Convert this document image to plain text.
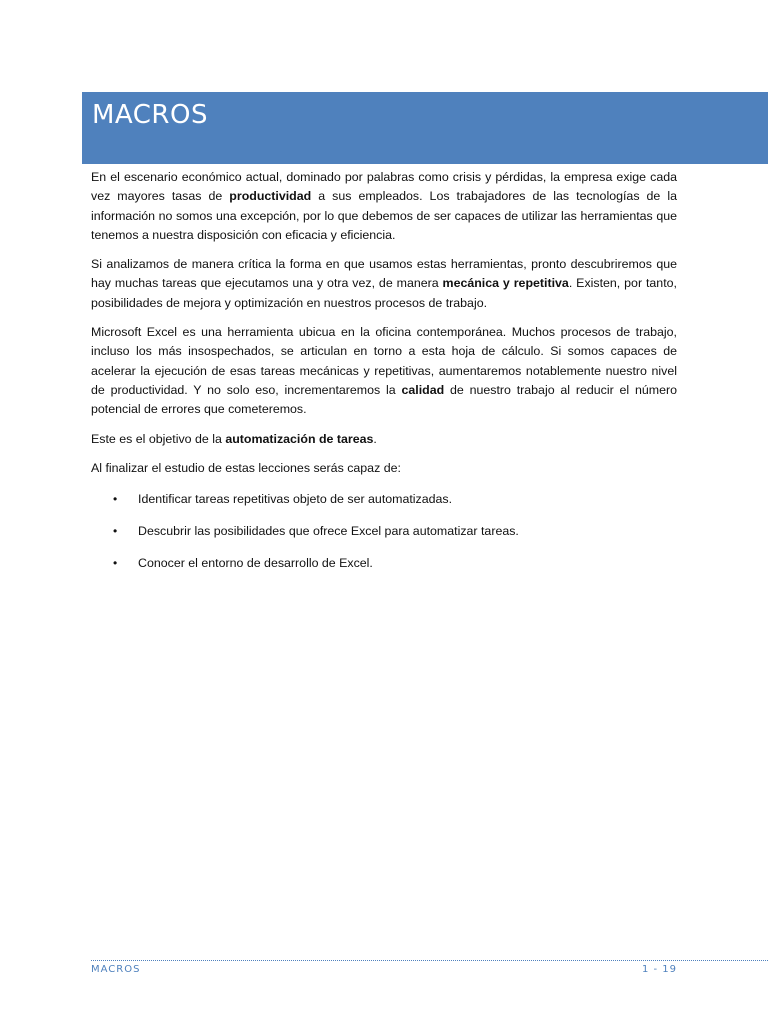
MACROS

En el escenario económico actual, dominado por palabras como crisis y pérdidas, la empresa exige cada vez mayores tasas de productividad a sus empleados. Los trabajadores de las tecnologías de la información no somos una excepción, por lo que debemos de ser capaces de utilizar las herramientas que tenemos a nuestra disposición con eficacia y eficiencia.

Si analizamos de manera crítica la forma en que usamos estas herramientas, pronto descubriremos que hay muchas tareas que ejecutamos una y otra vez, de manera mecánica y repetitiva. Existen, por tanto, posibilidades de mejora y optimización en nuestros procesos de trabajo.

Microsoft Excel es una herramienta ubicua en la oficina contemporánea. Muchos procesos de trabajo, incluso los más insospechados, se articulan en torno a esta hoja de cálculo. Si somos capaces de acelerar la ejecución de esas tareas mecánicas y repetitivas, aumentaremos notablemente nuestro nivel de productividad. Y no solo eso, incrementaremos la calidad de nuestro trabajo al reducir el número potencial de errores que cometeremos.

Este es el objetivo de la automatización de tareas.

Al finalizar el estudio de estas lecciones serás capaz de:

• Identificar tareas repetitivas objeto de ser automatizadas.
• Descubrir las posibilidades que ofrece Excel para automatizar tareas.
• Conocer el entorno de desarrollo de Excel.
MACROS	1 - 19
